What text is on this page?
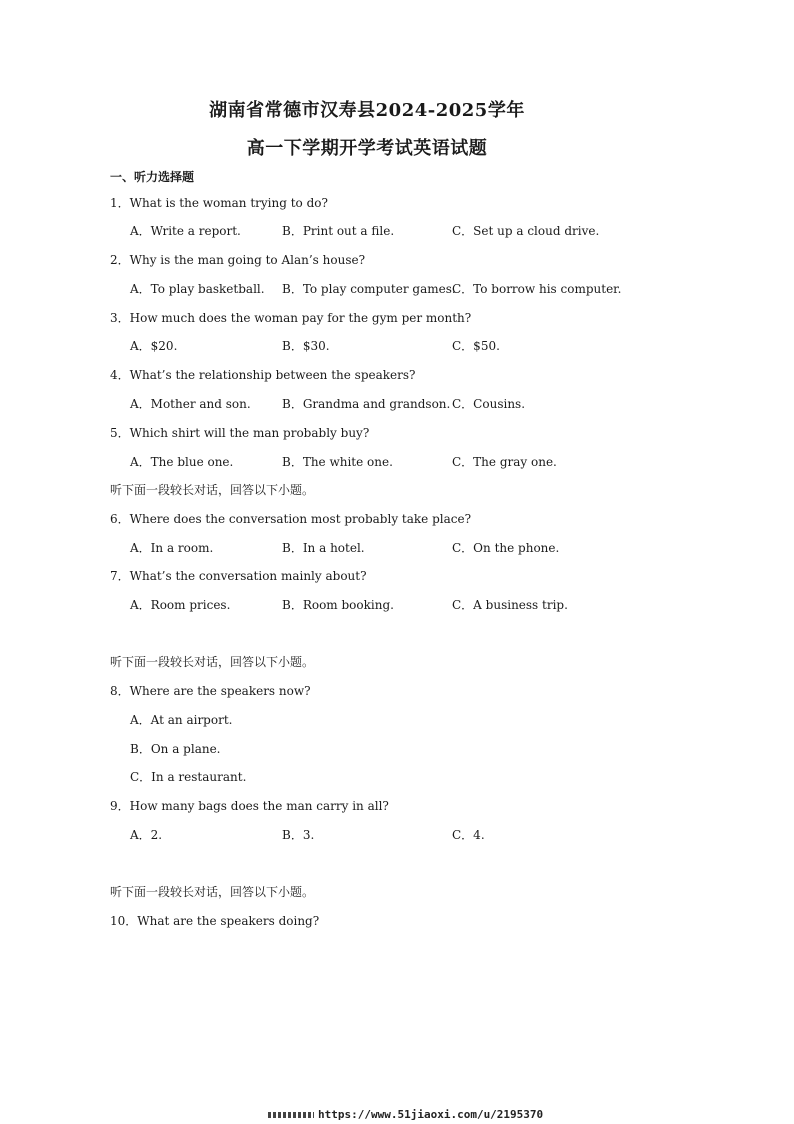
湖南省常德市汉寿县2024-2025学年
高一下学期开学考试英语试题
一、听力选择题
1．What is the woman trying to do?
A．Write a report.	B．Print out a file.	C．Set up a cloud drive.
2．Why is the man going to Alan’s house?
A．To play basketball. B．To play computer games.
C．To borrow his computer.
3．How much does the woman pay for the gym per month?
A．$20.	B．$30.	C．$50.
4．What’s the relationship between the speakers?
A．Mother and son.	B．Grandma and grandson. C．Cousins.
5．Which shirt will the man probably buy?
A．The blue one.	B．The white one.	C．The gray one.
听下面一段较长对话，回答以下小题。
6．Where does the conversation most probably take place?
A．In a room.	B．In a hotel.	C．On the phone.
7．What’s the conversation mainly about?
A．Room prices.	B．Room booking.	C．A business trip.
听下面一段较长对话，回答以下小题。
8．Where are the speakers now?
A．At an airport.
B．On a plane.
C．In a restaurant.
9．How many bags does the man carry in all?
A．2.	B．3.	C．4.
听下面一段较长对话，回答以下小题。
10．What are the speakers doing?
https://www.51jiaoxi.com/u/2195370
